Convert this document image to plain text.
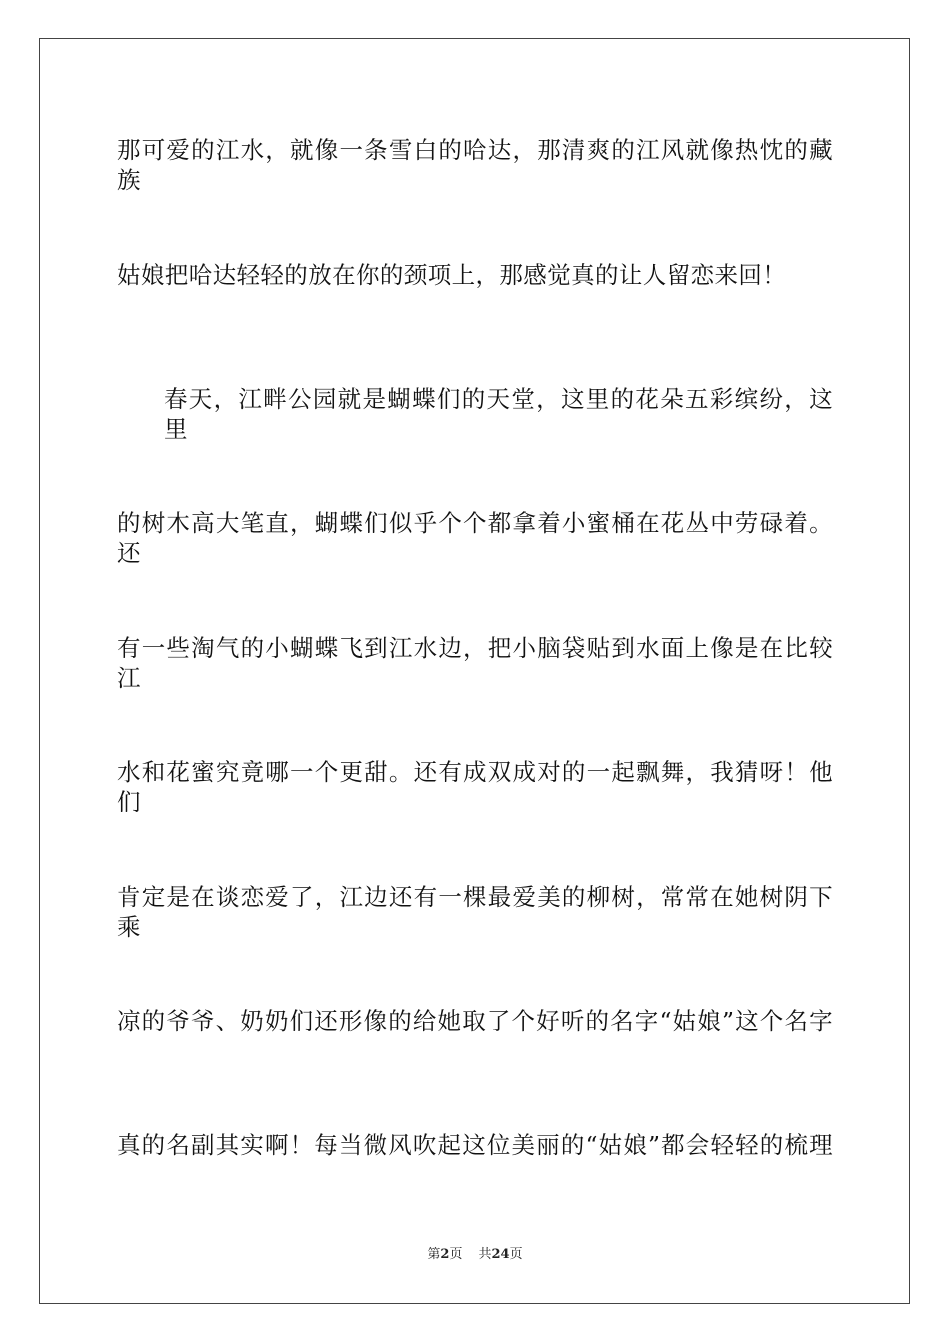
那可爱的江水，就像一条雪白的哈达，那清爽的江风就像热忱的藏族
姑娘把哈达轻轻的放在你的颈项上，那感觉真的让人留恋来回！
春天，江畔公园就是蝴蝶们的天堂，这里的花朵五彩缤纷，这里
的树木高大笔直，蝴蝶们似乎个个都拿着小蜜桶在花丛中劳碌着。还
有一些淘气的小蝴蝶飞到江水边，把小脑袋贴到水面上像是在比较江
水和花蜜究竟哪一个更甜。还有成双成对的一起飘舞，我猜呀！他们
肯定是在谈恋爱了，江边还有一棵最爱美的柳树，常常在她树阴下乘
凉的爷爷、奶奶们还形像的给她取了个好听的名字“姑娘”这个名字
真的名副其实啊！每当微风吹起这位美丽的“姑娘”都会轻轻的梳理
第2页 共24页
